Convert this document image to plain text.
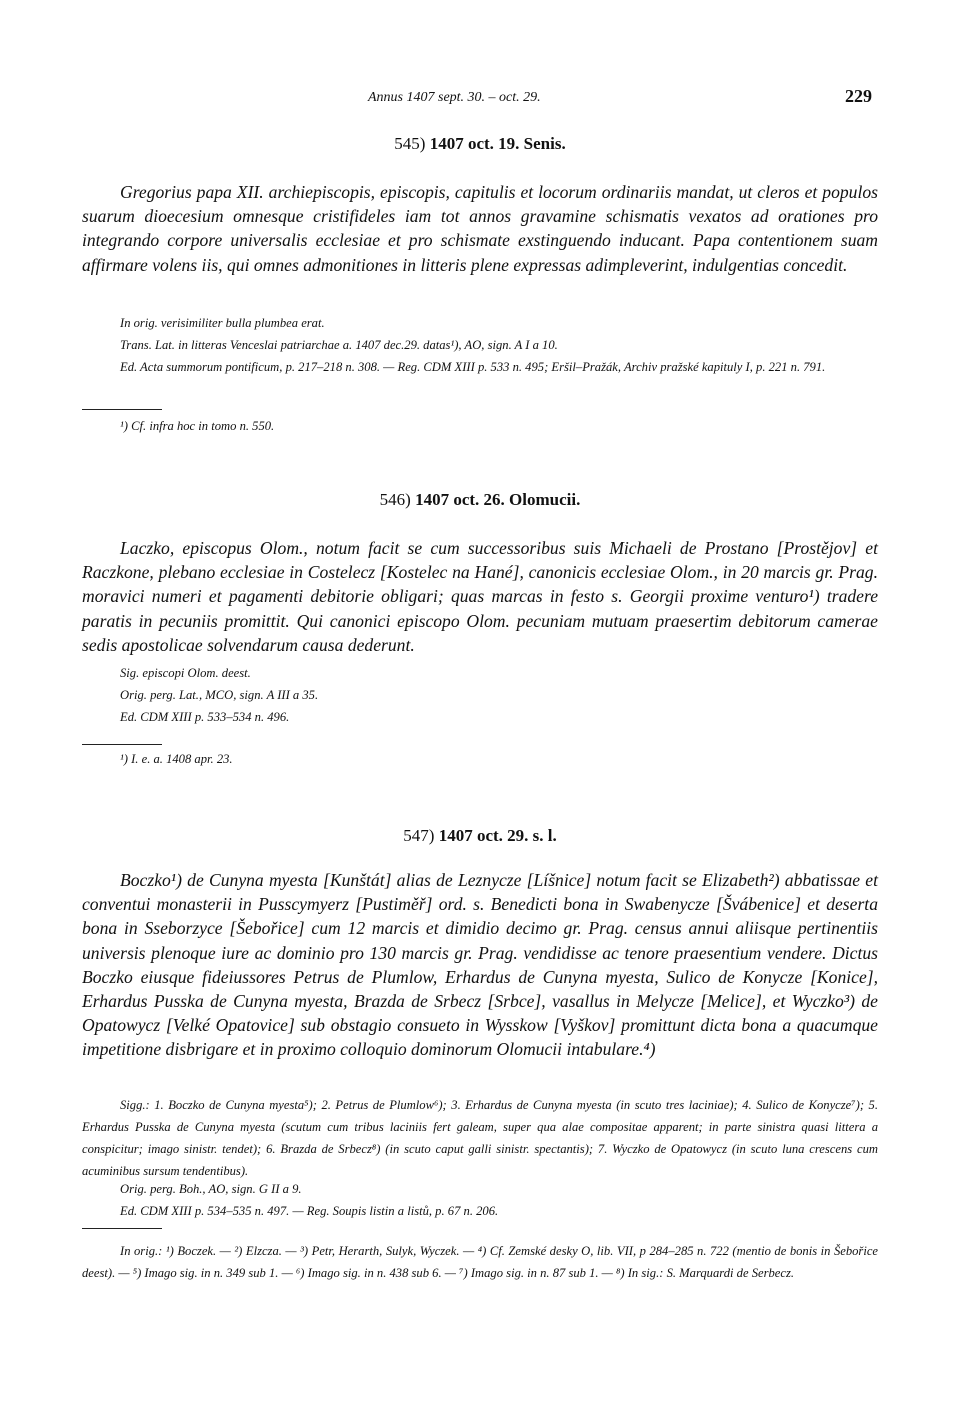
Annus 1407 sept. 30. – oct. 29.	229
545) 1407 oct. 19. Senis.

Gregorius papa XII. archiepiscopis, episcopis, capitulis et locorum ordinariis mandat, ut cleros et populos suarum dioecesium omnesque cristifideles iam tot annos gravamine schismatis vexatos ad orationes pro integrando corpore universalis ecclesiae et pro schismate exstinguendo inducant. Papa contentionem suam affirmare volens iis, qui omnes admonitiones in litteris plene expressas adimpleverint, indulgentias concedit.

In orig. verisimiliter bulla plumbea erat.

Trans. Lat. in litteras Venceslai patriarchae a. 1407 dec.29. datas¹), AO, sign. A I a 10.

Ed. Acta summorum pontificum, p. 217–218 n. 308. — Reg. CDM XIII p. 533 n. 495; Eršil–Pražák, Archiv pražské kapituly I, p. 221 n. 791.

¹) Cf. infra hoc in tomo n. 550.
546) 1407 oct. 26. Olomucii.

Laczko, episcopus Olom., notum facit se cum successoribus suis Michaeli de Prostano [Prostějov] et Raczkone, plebano ecclesiae in Costelecz [Kostelec na Hané], canonicis ecclesiae Olom., in 20 marcis gr. Prag. moravici numeri et pagamenti debitorie obligari; quas marcas in festo s. Georgii proxime venturo¹) tradere paratis in pecuniis promittit. Qui canonici episcopo Olom. pecuniam mutuam praesertim debitorum camerae sedis apostolicae solvendarum causa dederunt.

Sig. episcopi Olom. deest.

Orig. perg. Lat., MCO, sign. A III a 35.

Ed. CDM XIII p. 533–534 n. 496.

¹) I. e. a. 1408 apr. 23.
547) 1407 oct. 29. s. l.

Boczko¹) de Cunyna myesta [Kunštát] alias de Leznycze [Líšnice] notum facit se Elizabeth²) abbatissae et conventui monasterii in Pusscymyerz [Pustiměř] ord. s. Benedicti bona in Swabenycze [Švábenice] et deserta bona in Sseborzyce [Šebořice] cum 12 marcis et dimidio decimo gr. Prag. census annui aliisque pertinentiis universis plenoque iure ac dominio pro 130 marcis gr. Prag. vendidisse ac tenore praesentium vendere. Dictus Boczko eiusque fideiussores Petrus de Plumlow, Erhardus de Cunyna myesta, Sulico de Konycze [Konice], Erhardus Pusska de Cunyna myesta, Brazda de Srbecz [Srbce], vasallus in Melycze [Melice], et Wyczko³) de Opatowycz [Velké Opatovice] sub obstagio consueto in Wysskow [Vyškov] promittunt dicta bona a quacumque impetitione disbrigare et in proximo colloquio dominorum Olomucii intabulare.⁴)

Sigg.: 1. Boczko de Cunyna myesta⁵); 2. Petrus de Plumlow⁶); 3. Erhardus de Cunyna myesta (in scuto tres laciniae); 4. Sulico de Konycze⁷); 5. Erhardus Pusska de Cunyna myesta (scutum cum tribus laciniis fert galeam, super qua alae compositae apparent; in parte sinistra quasi littera a conspicitur; imago sinistr. tendet); 6. Brazda de Srbecz⁸) (in scuto caput galli sinistr. spectantis); 7. Wyczko de Opatowycz (in scuto luna crescens cum acuminibus sursum tendentibus).

Orig. perg. Boh., AO, sign. G II a 9.

Ed. CDM XIII p. 534–535 n. 497. — Reg. Soupis listin a listů, p. 67 n. 206.

In orig.: ¹) Boczek. — ²) Elzcza. — ³) Petr, Herarth, Sulyk, Wyczek. — ⁴) Cf. Zemské desky O, lib. VII, p 284–285 n. 722 (mentio de bonis in Šebořice deest). — ⁵) Imago sig. in n. 349 sub 1. — ⁶) Imago sig. in n. 438 sub 6. — ⁷) Imago sig. in n. 87 sub 1. — ⁸) In sig.: S. Marquardi de Serbecz.
